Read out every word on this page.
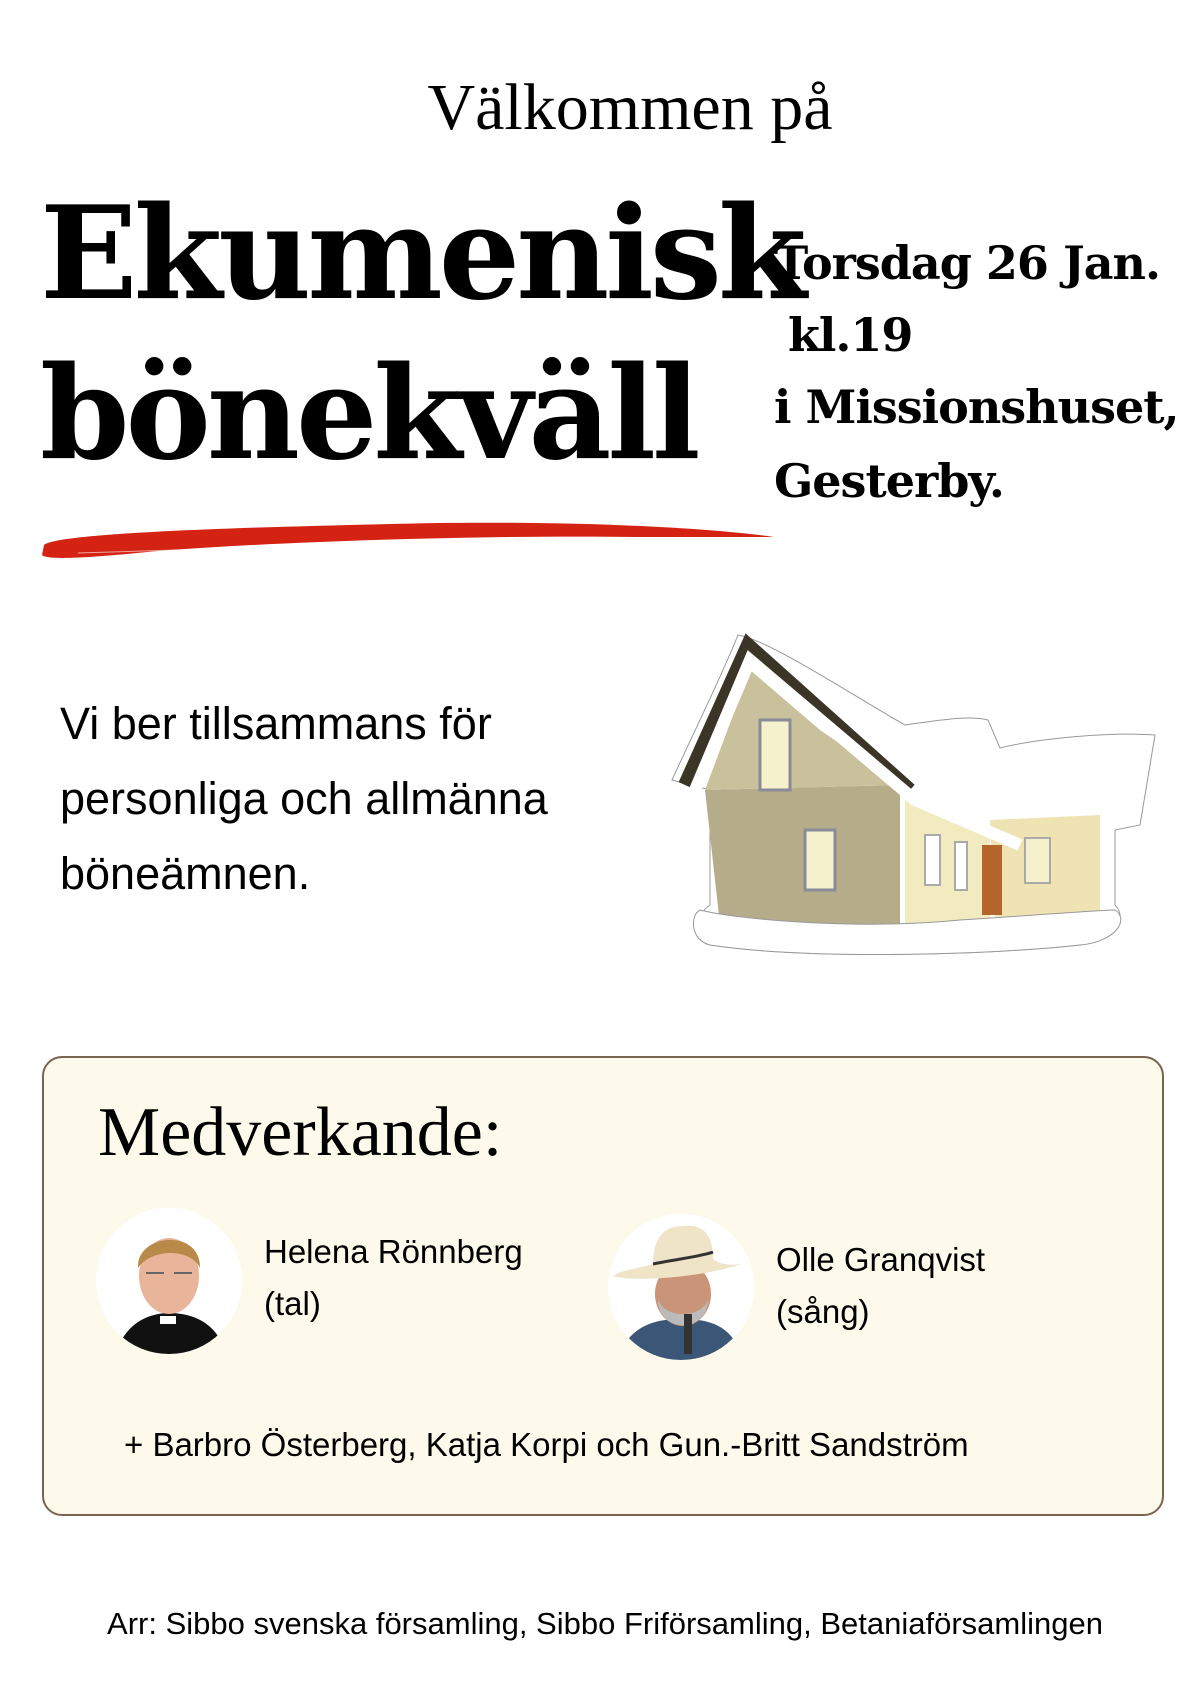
Välkommen på
Ekumenisk
bönekväll
Torsdag 26 Jan.
kl.19
i Missionshuset,
Gesterby.
Vi ber tillsammans för
personliga och allmänna
böneämnen.
Medverkande:
Helena Rönnberg
(tal)
Olle Granqvist
(sång)
+ Barbro Österberg, Katja Korpi och Gun.-Britt Sandström
Arr: Sibbo svenska församling, Sibbo Friförsamling, Betaniaförsamlingen
